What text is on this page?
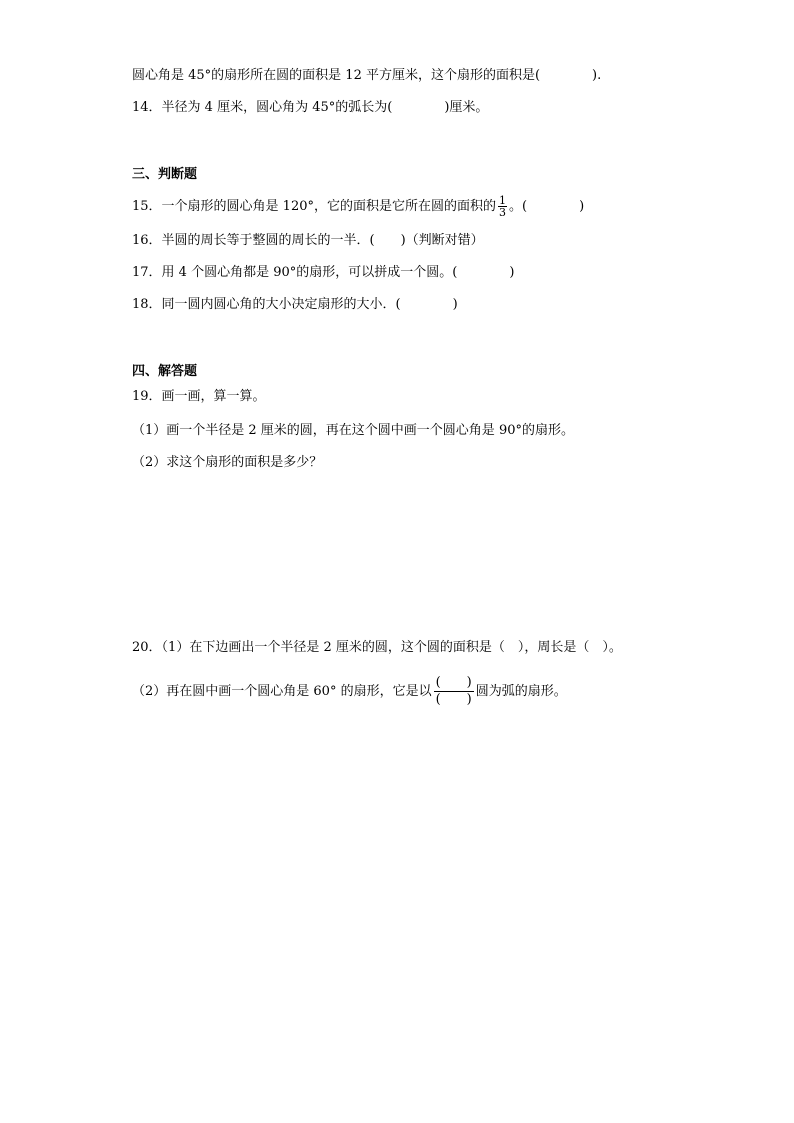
圆心角是 45°的扇形所在圆的面积是 12 平方厘米，这个扇形的面积是(　　　　).
14．半径为 4 厘米，圆心角为 45°的弧长为(　　　　)厘米。
三、判断题
15．一个扇形的圆心角是 120°，它的面积是它所在圆的面积的 $\frac{1}{3}$ 。(　　　　)
16．半圆的周长等于整圆的周长的一半．(　　)（判断对错）
17．用 4 个圆心角都是 90°的扇形，可以拼成一个圆。(　　　　)
18．同一圆内圆心角的大小决定扇形的大小．(　　　　)
四、解答题
19．画一画，算一算。
（1）画一个半径是 2 厘米的圆，再在这个圆中画一个圆心角是 90°的扇形。
（2）求这个扇形的面积是多少？
20．（1）在下边画出一个半径是 2 厘米的圆，这个圆的面积是（　），周长是（　）。
（2）再在圆中画一个圆心角是 60° 的扇形，它是以 $\frac{( )}{( )}$ 圆为弧的扇形。
